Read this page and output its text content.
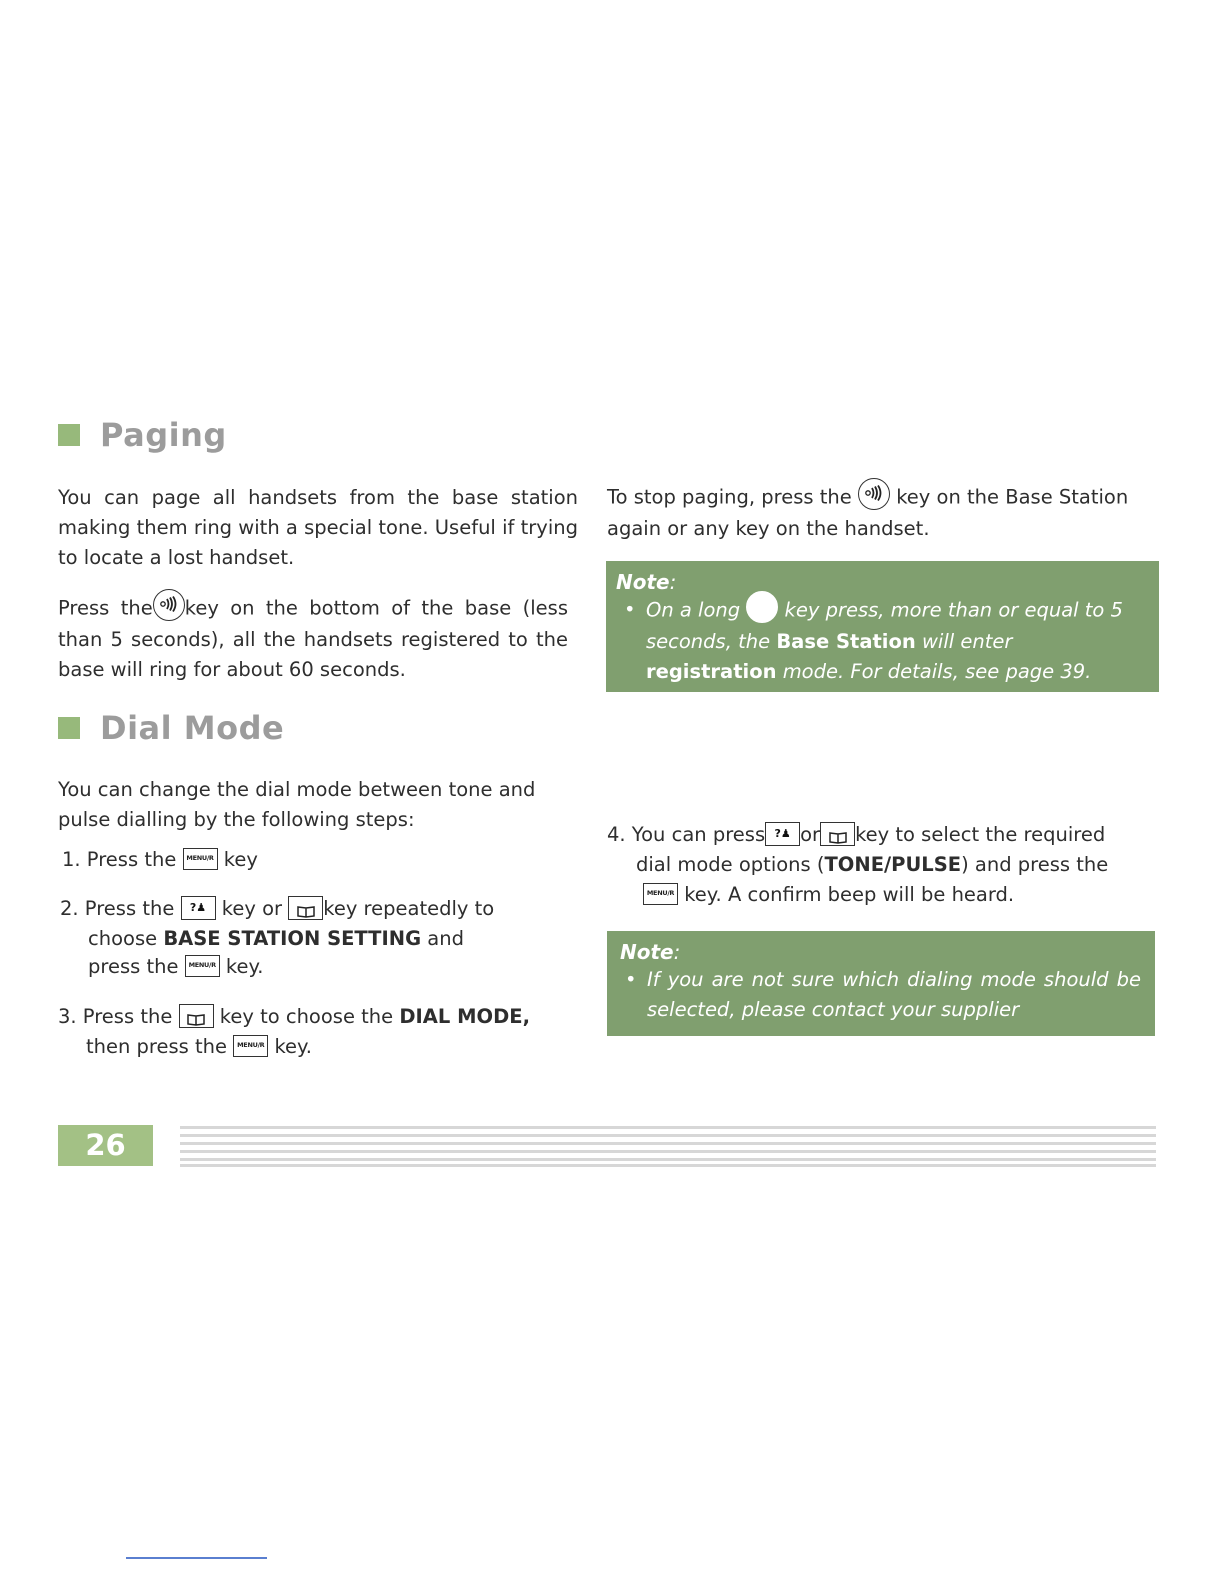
Paging

You can page all handsets from the base station making them ring with a special tone. Useful if trying to locate a lost handset.

Press the key on the bottom of the base (less than 5 seconds), all the handsets registered to the base will ring for about 60 seconds.

To stop paging, press the key on the Base Station again or any key on the handset.

Note:
• On a long key press, more than or equal to 5 seconds, the Base Station will enter registration mode. For details, see page 39.
Dial Mode

You can change the dial mode between tone and pulse dialling by the following steps:

1. Press the MENU/R key
2. Press the ?♟ key or key repeatedly to
choose BASE STATION SETTING and
press the MENU/R key.
3. Press the key to choose the DIAL MODE,
then press the MENU/R key.
4. You can press ?♟ or key to select the required
dial mode options (TONE/PULSE) and press the
MENU/R key. A confirm beep will be heard.
Note:
• If you are not sure which dialing mode should be selected, please contact your supplier
26
